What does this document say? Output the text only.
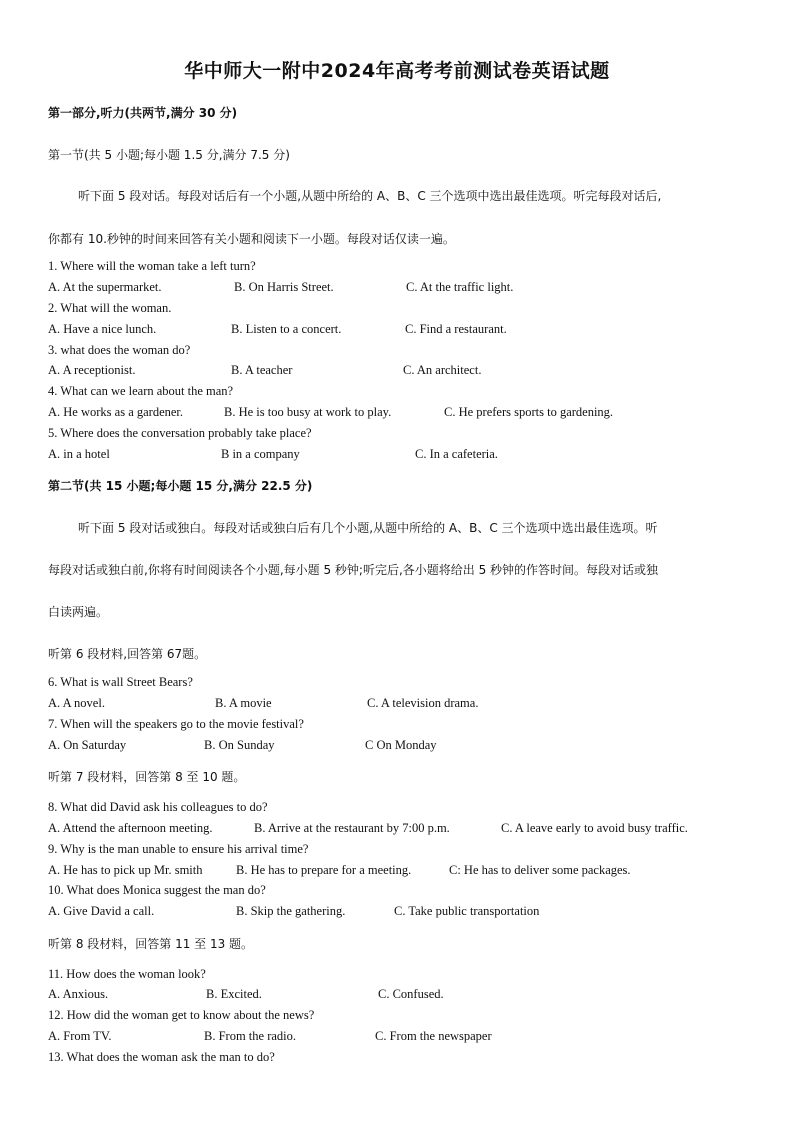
华中师大一附中2024年高考考前测试卷英语试题
第一部分,听力(共两节,满分 30 分)
第一节(共 5 小题;每小题 1.5 分,满分 7.5 分)
听下面 5 段对话。每段对话后有一个小题,从题中所给的 A、B、C 三个选项中选出最佳选项。听完每段对话后,
你都有 10.秒钟的时间来回答有关小题和阅读下一小题。每段对话仅读一遍。
1. Where will the woman take a left turn?
A. At the supermarket.	B. On Harris Street.	C. At the traffic light.
2. What will the woman.
A. Have a nice lunch.	B. Listen to a concert.	C. Find a restaurant.
3. what does the woman do?
A. A receptionist.	B. A teacher	C. An architect.
4. What can we learn about the man?
A. He works as a gardener.	B. He is too busy at work to play.	C. He prefers sports to gardening.
5. Where does the conversation probably take place?
A. in a hotel	B in a company	C. In a cafeteria.
第二节(共 15 小题;每小题 15 分,满分 22.5 分)
听下面 5 段对话或独白。每段对话或独白后有几个小题,从题中所给的 A、B、C 三个选项中选出最佳选项。听
每段对话或独白前,你将有时间阅读各个小题,每小题 5 秒钟;听完后,各小题将给出 5 秒钟的作答时间。每段对话或独
白读两遍。
听第 6 段材料,回答第 67题。
6. What is wall Street Bears?
A. A novel.	B. A movie	C. A television drama.
7. When will the speakers go to the movie festival?
A. On Saturday	B. On Sunday	C On Monday
听第 7 段材料，回答第 8 至 10 题。
8. What did David ask his colleagues to do?
A. Attend the afternoon meeting.	B. Arrive at the restaurant by 7:00 p.m.	C. A leave early to avoid busy traffic.
9. Why is the man unable to ensure his arrival time?
A. He has to pick up Mr. smith	B. He has to prepare for a meeting.	C: He has to deliver some packages.
10. What does Monica suggest the man do?
A. Give David a call.	B. Skip the gathering.	C. Take public transportation
听第 8 段材料，回答第 11 至 13 题。
11. How does the woman look?
A. Anxious.	B. Excited.	C. Confused.
12. How did the woman get to know about the news?
A. From TV.	B. From the radio.	C. From the newspaper
13. What does the woman ask the man to do?
